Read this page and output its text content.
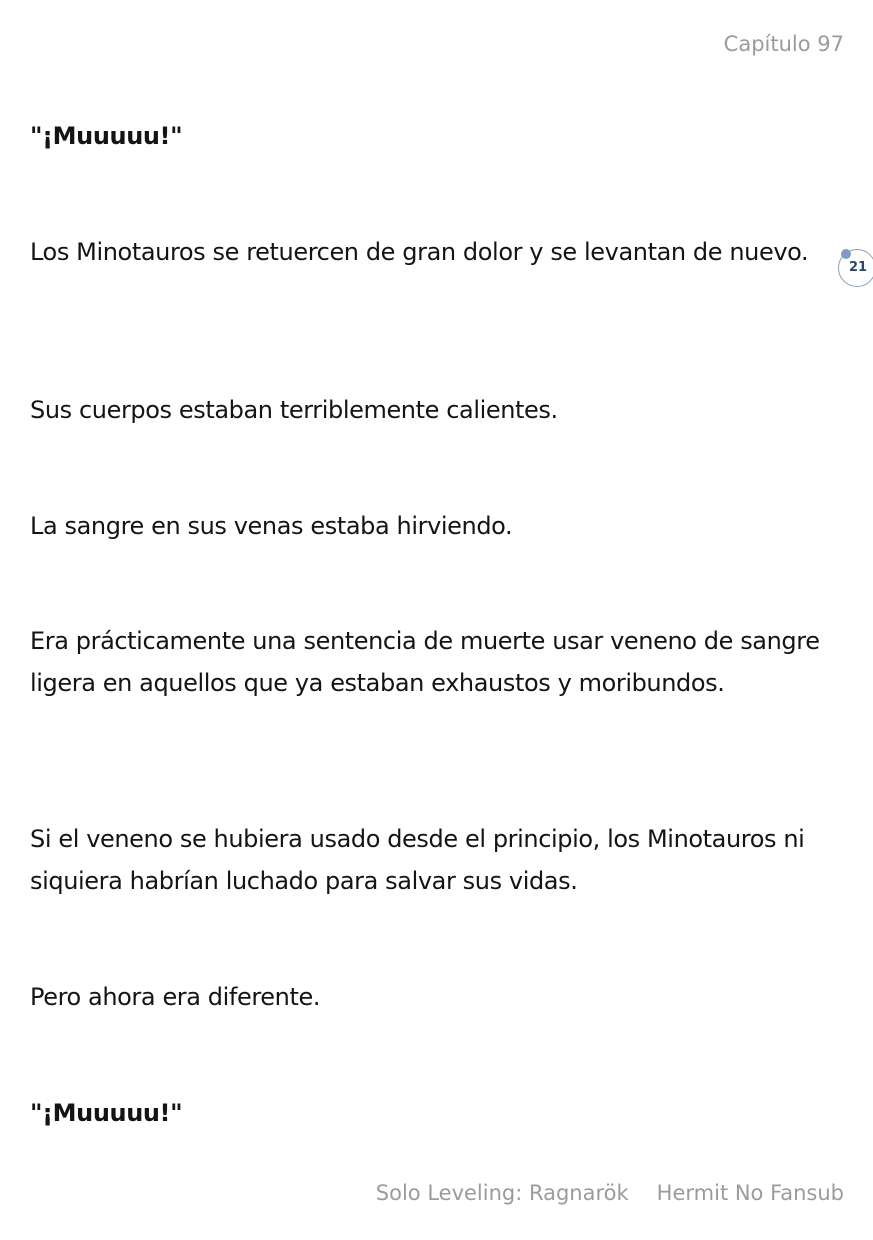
Capítulo 97

"¡Muuuuu!"

Los Minotauros se retuercen de gran dolor y se levantan de nuevo.

Sus cuerpos estaban terriblemente calientes.

La sangre en sus venas estaba hirviendo.

Era prácticamente una sentencia de muerte usar veneno de sangre ligera en aquellos que ya estaban exhaustos y moribundos.

Si el veneno se hubiera usado desde el principio, los Minotauros ni siquiera habrían luchado para salvar sus vidas.

Pero ahora era diferente.

"¡Muuuuu!"

21
Solo Leveling: Ragnarök Hermit No Fansub
